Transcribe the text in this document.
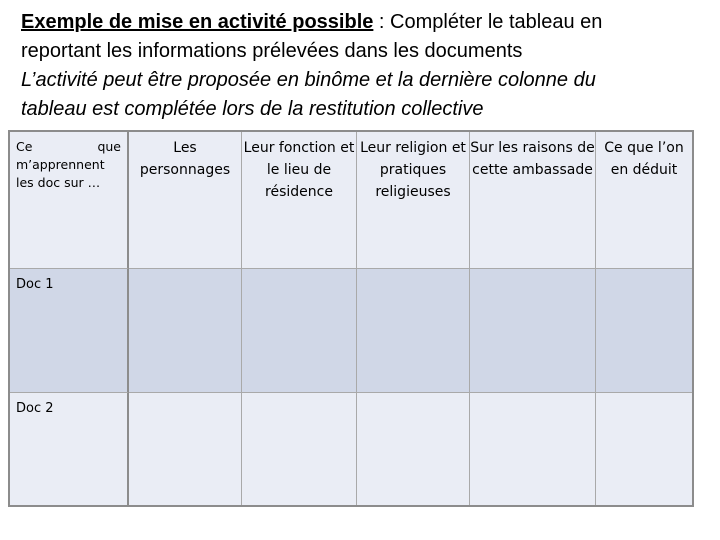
Exemple de mise en activité possible : Compléter le tableau en
reportant les informations prélevées dans les documents
L’activité peut être proposée en binôme et la dernière colonne du
tableau est complétée lors de la restitution collective
Ce que m’apprennent les doc sur …	Les personnages	Leur fonction et le lieu de résidence	Leur religion et pratiques religieuses	Sur les raisons de cette ambassade	Ce que l’on en déduit

Doc 1					
Doc 2					
